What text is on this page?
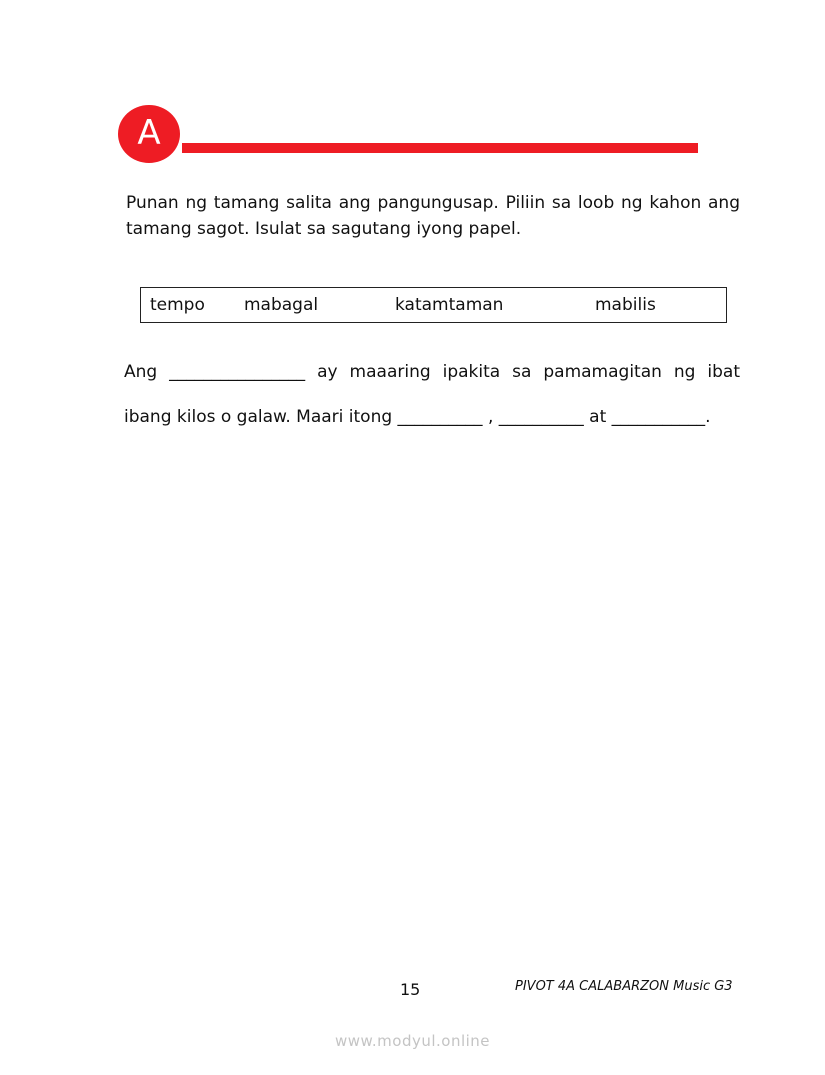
A

Punan ng tamang salita ang pangungusap. Piliin sa loob ng kahon ang tamang sagot. Isulat sa sagutang iyong papel.

tempo mabagal	katamtaman	mabilis

Ang ________________ ay maaaring ipakita sa pamamagitan ng ibat

ibang kilos o galaw. Maari itong __________ , __________ at ___________.

15	PIVOT 4A CALABARZON Music G3
www.modyul.online
